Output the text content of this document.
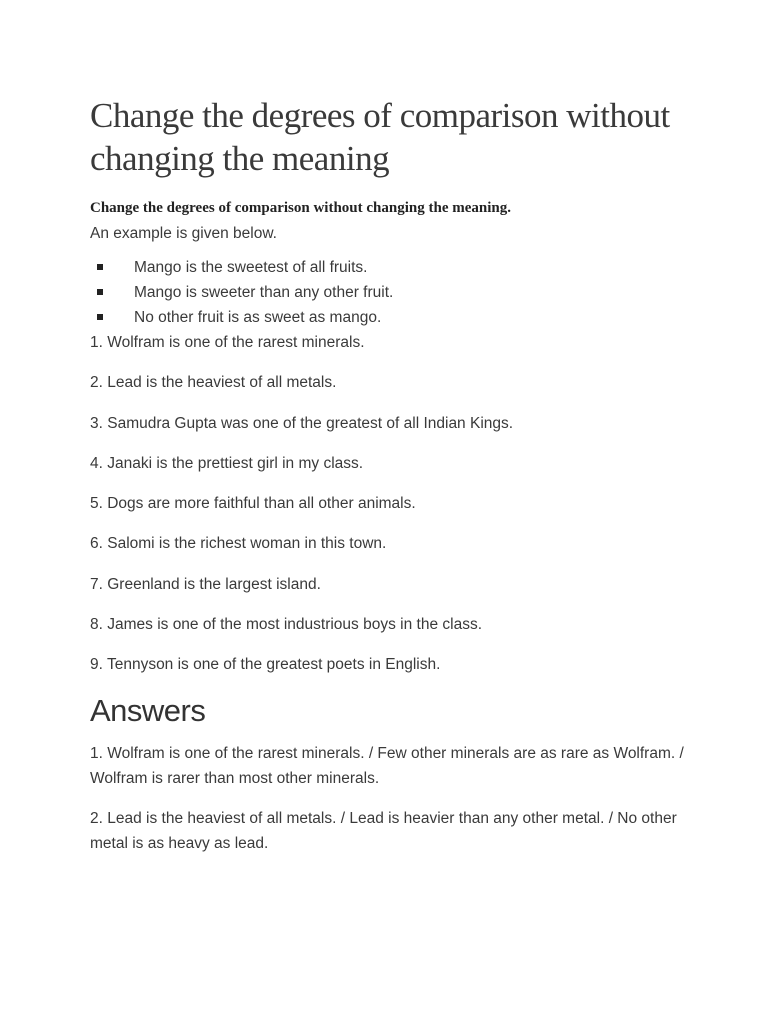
Change the degrees of comparison without changing the meaning

Change the degrees of comparison without changing the meaning.

An example is given below.

Mango is the sweetest of all fruits.
Mango is sweeter than any other fruit.
No other fruit is as sweet as mango.
1. Wolfram is one of the rarest minerals.
2. Lead is the heaviest of all metals.
3. Samudra Gupta was one of the greatest of all Indian Kings.
4. Janaki is the prettiest girl in my class.
5. Dogs are more faithful than all other animals.
6. Salomi is the richest woman in this town.
7. Greenland is the largest island.
8. James is one of the most industrious boys in the class.
9. Tennyson is one of the greatest poets in English.
Answers
1. Wolfram is one of the rarest minerals. / Few other minerals are as rare as Wolfram. / Wolfram is rarer than most other minerals.
2. Lead is the heaviest of all metals. / Lead is heavier than any other metal. / No other metal is as heavy as lead.
